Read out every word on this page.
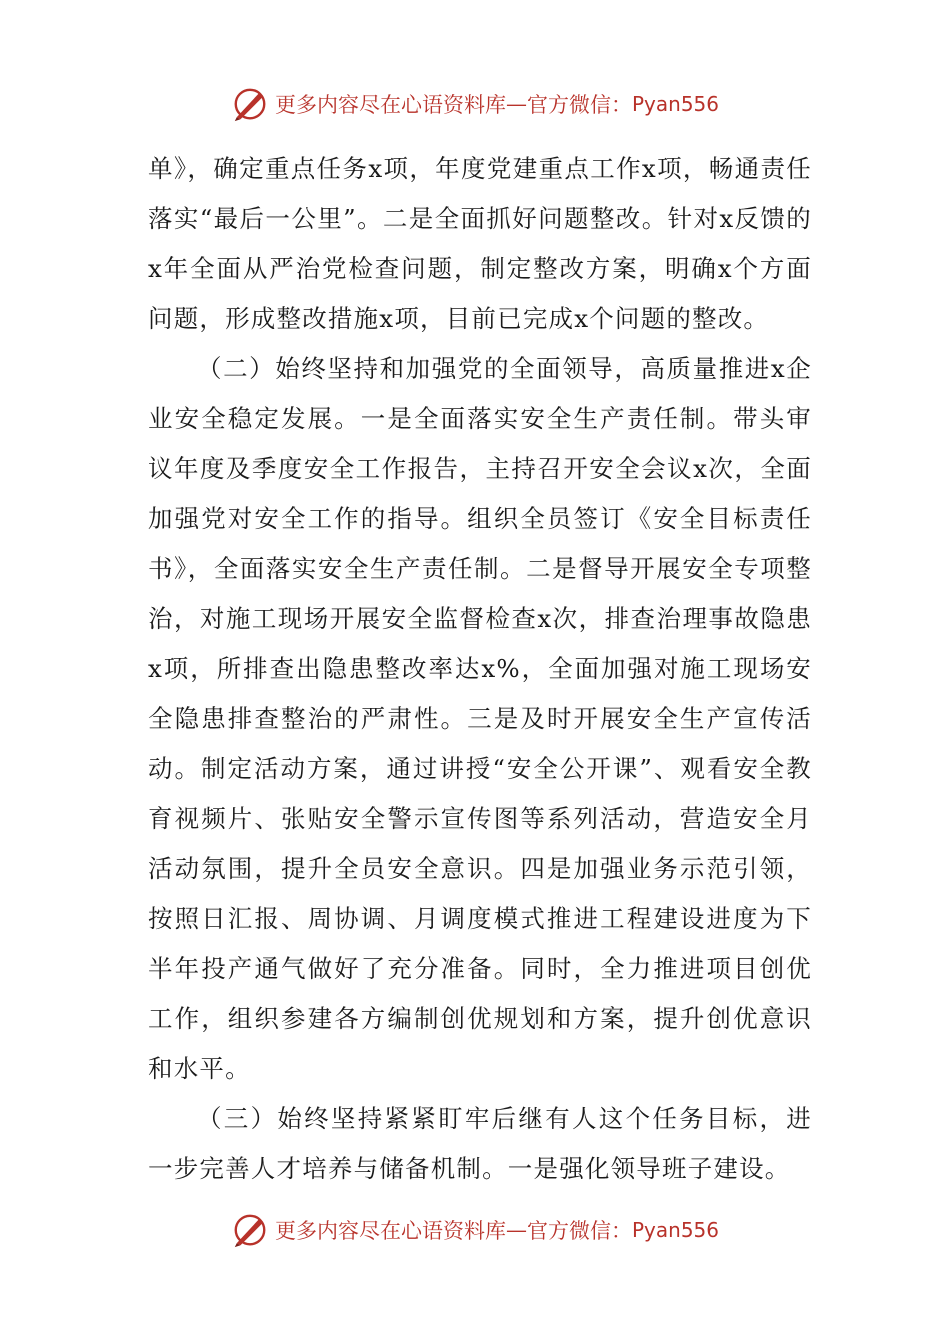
更多内容尽在心语资料库 — 官方微信： Pyan556

单》，确定重点任务x项，年度党建重点工作x项，畅通责任落实“最后一公里”。二是全面抓好问题整改。针对x反馈的x年全面从严治党检查问题，制定整改方案，明确x个方面问题，形成整改措施x项，目前已完成x个问题的整改。

（二）始终坚持和加强党的全面领导，高质量推进x企业安全稳定发展。一是全面落实安全生产责任制。带头审议年度及季度安全工作报告，主持召开安全会议x次，全面加强党对安全工作的指导。组织全员签订《安全目标责任书》，全面落实安全生产责任制。二是督导开展安全专项整治，对施工现场开展安全监督检查x次，排查治理事故隐患x项，所排查出隐患整改率达x%，全面加强对施工现场安全隐患排查整治的严肃性。三是及时开展安全生产宣传活动。制定活动方案，通过讲授“安全公开课”、观看安全教育视频片、张贴安全警示宣传图等系列活动，营造安全月活动氛围，提升全员安全意识。四是加强业务示范引领，按照日汇报、周协调、月调度模式推进工程建设进度为下半年投产通气做好了充分准备。同时，全力推进项目创优工作，组织参建各方编制创优规划和方案，提升创优意识和水平。

（三）始终坚持紧紧盯牢后继有人这个任务目标，进一步完善人才培养与储备机制。一是强化领导班子建设。

更多内容尽在心语资料库 — 官方微信： Pyan556
